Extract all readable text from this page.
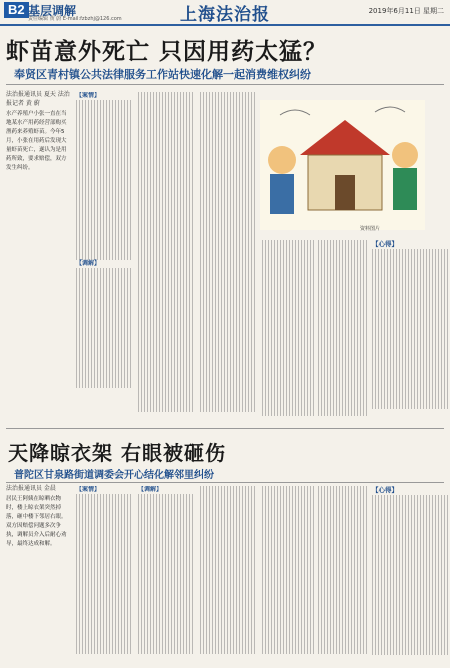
B2 基层调解
责任编辑 黄 蔚 E-mail:fzbzhj@126.com	上海法治报	2019年6月11日 星期二
虾苗意外死亡 只因用药太猛？
奉贤区青村镇公共法律服务工作站快速化解一起消费维权纠纷
法治报通讯员 夏天 法治报记者 黄 蔚
水产养殖户小张一直在当地某水产用药经营部购买渔药来养殖虾苗。今年5月，小张在用药后发现大量虾苗死亡，遂认为是用药所致，要求赔偿，双方发生纠纷。
【案情】
【调解】
资料图片
【心得】
天降晾衣架 右眼被砸伤
普陀区甘泉路街道调委会开心结化解邻里纠纷
法治报通讯员 金晨
居民王阿姨在晾晒衣物时，楼上晾衣架突然掉落，砸中楼下邻居右眼。双方因赔偿问题多次争执，调解员介入后耐心劝导，最终达成和解。
【案情】	【调解】	【心得】
